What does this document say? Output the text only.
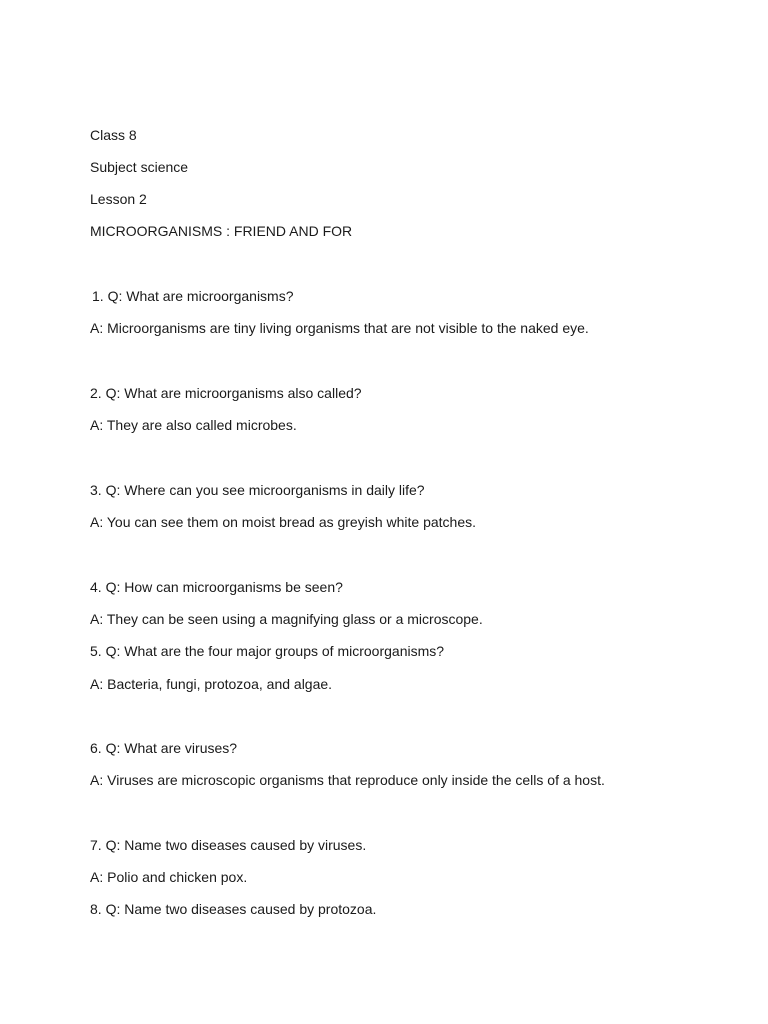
Class 8
Subject science
Lesson 2
MICROORGANISMS : FRIEND AND FOR
1. Q: What are microorganisms?
A: Microorganisms are tiny living organisms that are not visible to the naked eye.
2. Q: What are microorganisms also called?
A: They are also called microbes.
3. Q: Where can you see microorganisms in daily life?
A: You can see them on moist bread as greyish white patches.
4. Q: How can microorganisms be seen?
A: They can be seen using a magnifying glass or a microscope.
5. Q: What are the four major groups of microorganisms?
A: Bacteria, fungi, protozoa, and algae.
6. Q: What are viruses?
A: Viruses are microscopic organisms that reproduce only inside the cells of a host.
7. Q: Name two diseases caused by viruses.
A: Polio and chicken pox.
8. Q: Name two diseases caused by protozoa.
